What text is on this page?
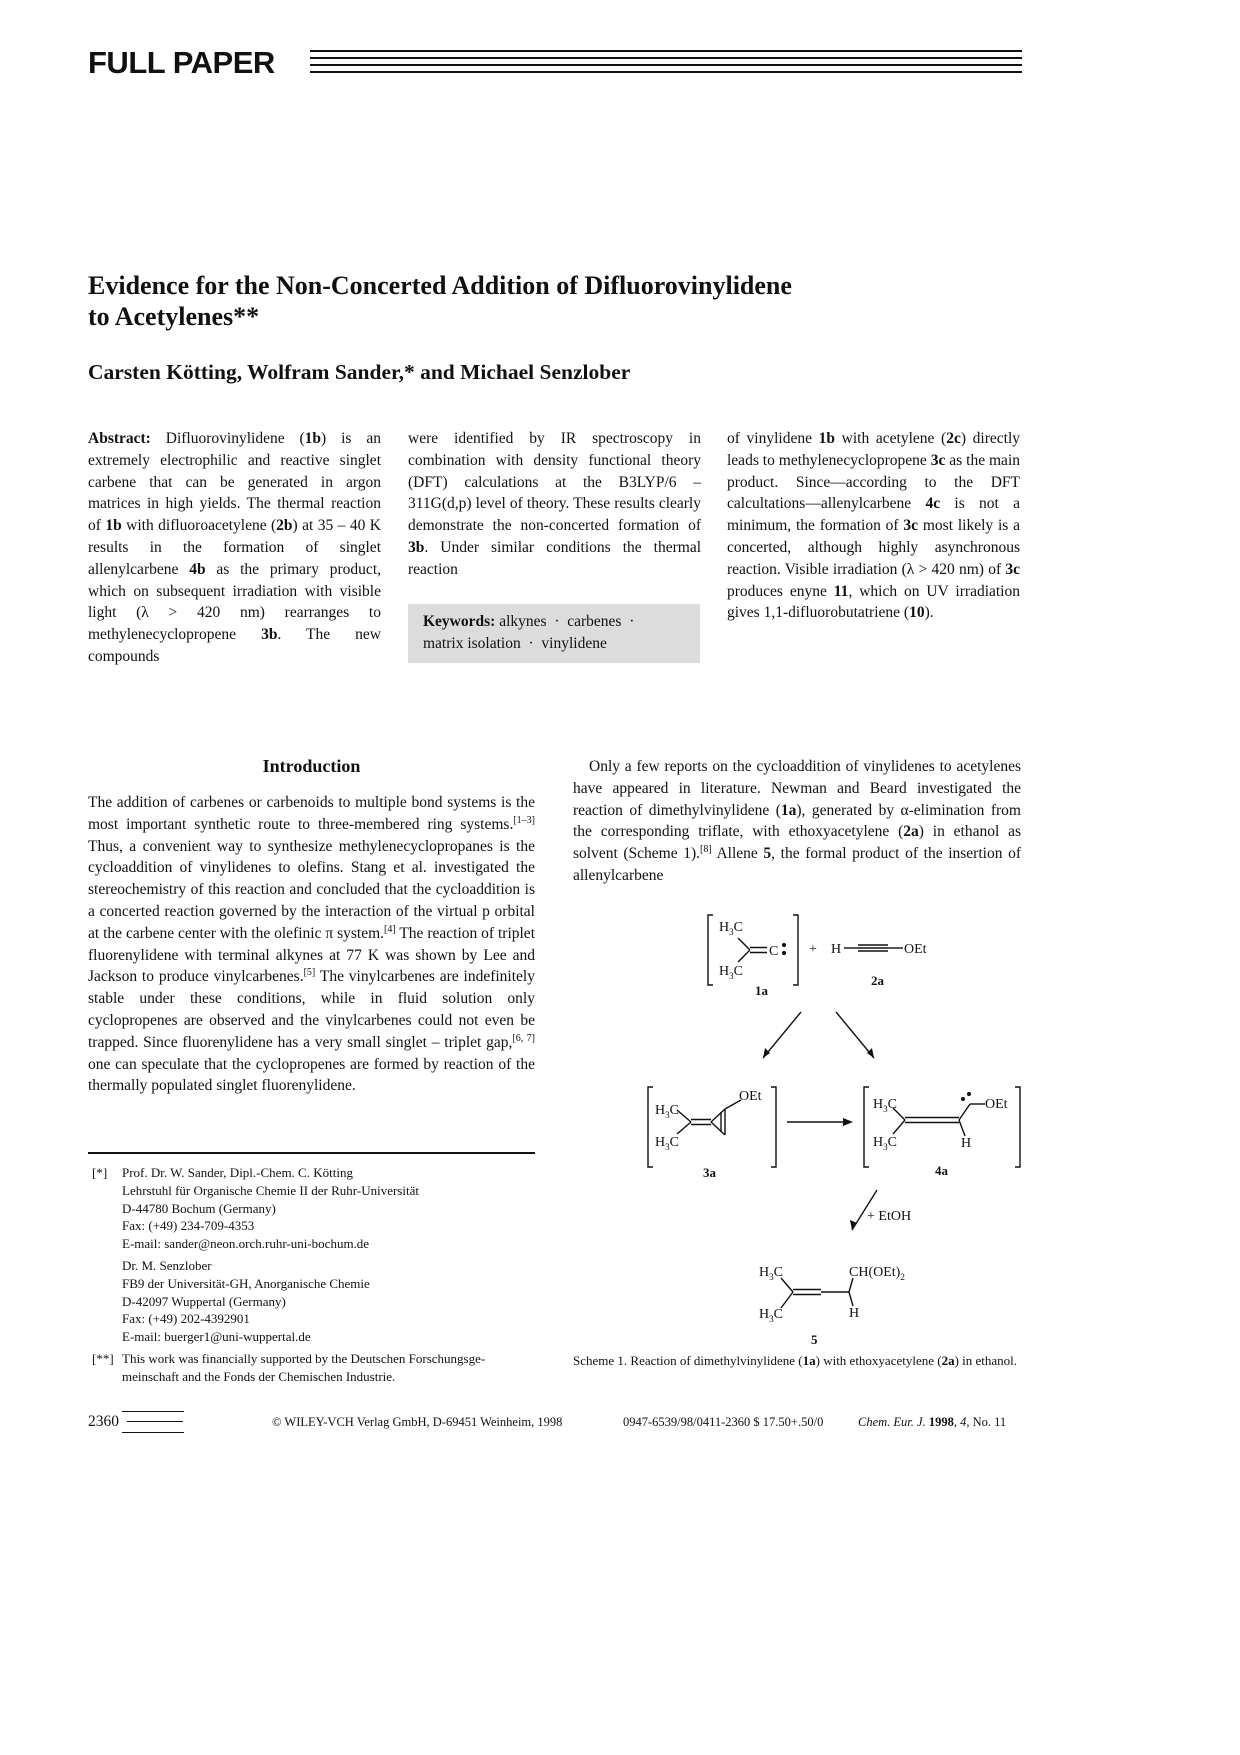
FULL PAPER
Evidence for the Non-Concerted Addition of Difluorovinylidene
to Acetylenes**
Carsten Kötting, Wolfram Sander,* and Michael Senzlober

Abstract: Difluorovinylidene (1b) is an extremely electrophilic and reactive singlet carbene that can be generated in argon matrices in high yields. The thermal reaction of 1b with difluoroacetylene (2b) at 35 – 40 K results in the formation of singlet allenylcarbene 4b as the primary product, which on subsequent irradiation with visible light (λ > 420 nm) rearranges to methylenecyclopropene 3b. The new compounds

were identified by IR spectroscopy in combination with density functional theory (DFT) calculations at the B3LYP/6 – 311G(d,p) level of theory. These results clearly demonstrate the non-concerted formation of 3b. Under similar conditions the thermal reaction

Keywords: alkynes · carbenes ·
matrix isolation · vinylidene

of vinylidene 1b with acetylene (2c) directly leads to methylenecyclopropene 3c as the main product. Since—according to the DFT calcultations—allenylcarbene 4c is not a minimum, the formation of 3c most likely is a concerted, although highly asynchronous reaction. Visible irradiation (λ > 420 nm) of 3c produces enyne 11, which on UV irradiation gives 1,1-difluorobutatriene (10).

Introduction

The addition of carbenes or carbenoids to multiple bond systems is the most important synthetic route to three-membered ring systems.[1–3] Thus, a convenient way to synthesize methylenecyclopropanes is the cycloaddition of vinylidenes to olefins. Stang et al. investigated the stereochemistry of this reaction and concluded that the cycloaddition is a concerted reaction governed by the interaction of the virtual p orbital at the carbene center with the olefinic π system.[4] The reaction of triplet fluorenylidene with terminal alkynes at 77 K was shown by Lee and Jackson to produce vinylcarbenes.[5] The vinylcarbenes are indefinitely stable under these conditions, while in fluid solution only cyclopropenes are observed and the vinylcarbenes could not even be trapped. Since fluorenylidene has a very small singlet – triplet gap,[6, 7] one can speculate that the cyclopropenes are formed by reaction of the thermally populated singlet fluorenylidene.

Only a few reports on the cycloaddition of vinylidenes to acetylenes have appeared in literature. Newman and Beard investigated the reaction of dimethylvinylidene (1a), generated by α-elimination from the corresponding triflate, with ethoxyacetylene (2a) in ethanol as solvent (Scheme 1).[8] Allene 5, the formal product of the insertion of allenylcarbene

[*]	Prof. Dr. W. Sander, Dipl.-Chem. C. Kötting
Lehrstuhl für Organische Chemie II der Ruhr-Universität
D-44780 Bochum (Germany)
Fax: (+49) 234-709-4353
E-mail: sander@neon.orch.ruhr-uni-bochum.de
Dr. M. Senzlober
FB9 der Universität-GH, Anorganische Chemie
D-42097 Wuppertal (Germany)
Fax: (+49) 202-4392901
E-mail: buerger1@uni-wuppertal.de
[**] This work was financially supported by the Deutschen Forschungsge-
meinschaft and the Fonds der Chemischen Industrie.
$H_3C$
$H_3C$
C
1a
+ H	OEt
2a
OEt
$H_3C$
$H_3C$
3a
$H_3C$
$H_3C$
OEt
H
4a
+ EtOH
$H_3C$
$H_3C$
$CH(OEt)_2$
H
5
Scheme 1. Reaction of dimethylvinylidene (1a) with ethoxyacetylene (2a) in ethanol.
2360	© WILEY-VCH Verlag GmbH, D-69451 Weinheim, 1998	0947-6539/98/0411-2360 $ 17.50+.50/0	Chem. Eur. J. 1998, 4, No. 11
